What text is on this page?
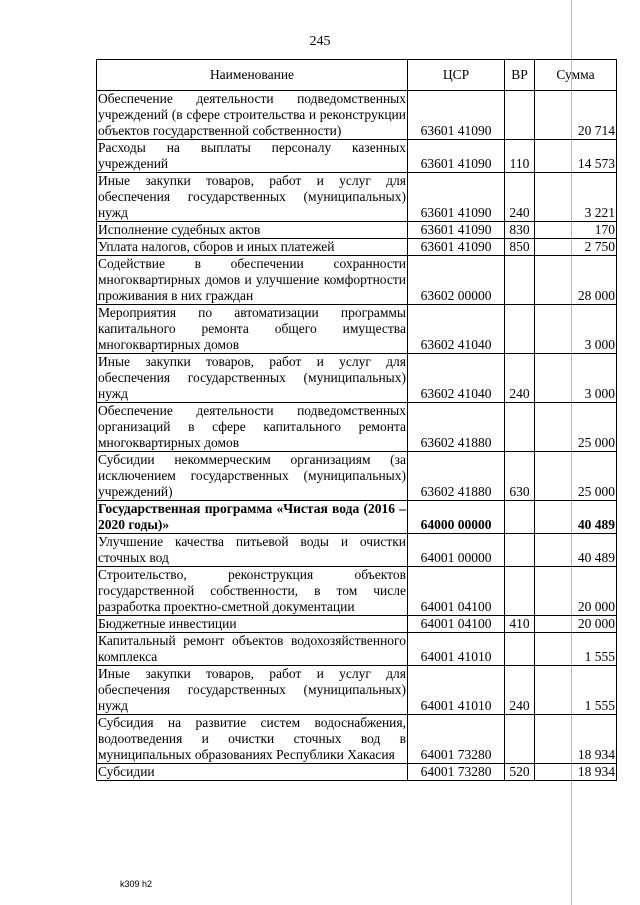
245
Наименование	ЦСР	ВР	Сумма
Обеспечение деятельности подведомственных учреждений (в сфере строительства и реконструкции объектов государственной собственности)	63601 41090		20 714
Расходы на выплаты персоналу казенных учреждений	63601 41090	110	14 573
Иные закупки товаров, работ и услуг для обеспечения государственных (муниципальных) нужд	63601 41090	240	3 221
Исполнение судебных актов	63601 41090	830	170
Уплата налогов, сборов и иных платежей	63601 41090	850	2 750
Содействие в обеспечении сохранности многоквартирных домов и улучшение комфортности проживания в них граждан	63602 00000		28 000
Мероприятия по автоматизации программы капитального ремонта общего имущества многоквартирных домов	63602 41040		3 000
Иные закупки товаров, работ и услуг для обеспечения государственных (муниципальных) нужд	63602 41040	240	3 000
Обеспечение деятельности подведомственных организаций в сфере капитального ремонта многоквартирных домов	63602 41880		25 000
Субсидии некоммерческим организациям (за исключением государственных (муниципальных) учреждений)	63602 41880	630	25 000
Государственная программа «Чистая вода (2016 – 2020 годы)»	64000 00000		40 489
Улучшение качества питьевой воды и очистки сточных вод	64001 00000		40 489
Строительство, реконструкция объектов государственной собственности, в том числе разработка проектно-сметной документации	64001 04100		20 000
Бюджетные инвестиции	64001 04100	410	20 000
Капитальный ремонт объектов водохозяйственного комплекса	64001 41010		1 555
Иные закупки товаров, работ и услуг для обеспечения государственных (муниципальных) нужд	64001 41010	240	1 555
Субсидия на развитие систем водоснабжения, водоотведения и очистки сточных вод в муниципальных образованиях Республики Хакасия	64001 73280		18 934
Субсидии	64001 73280	520	18 934
k309 h2
